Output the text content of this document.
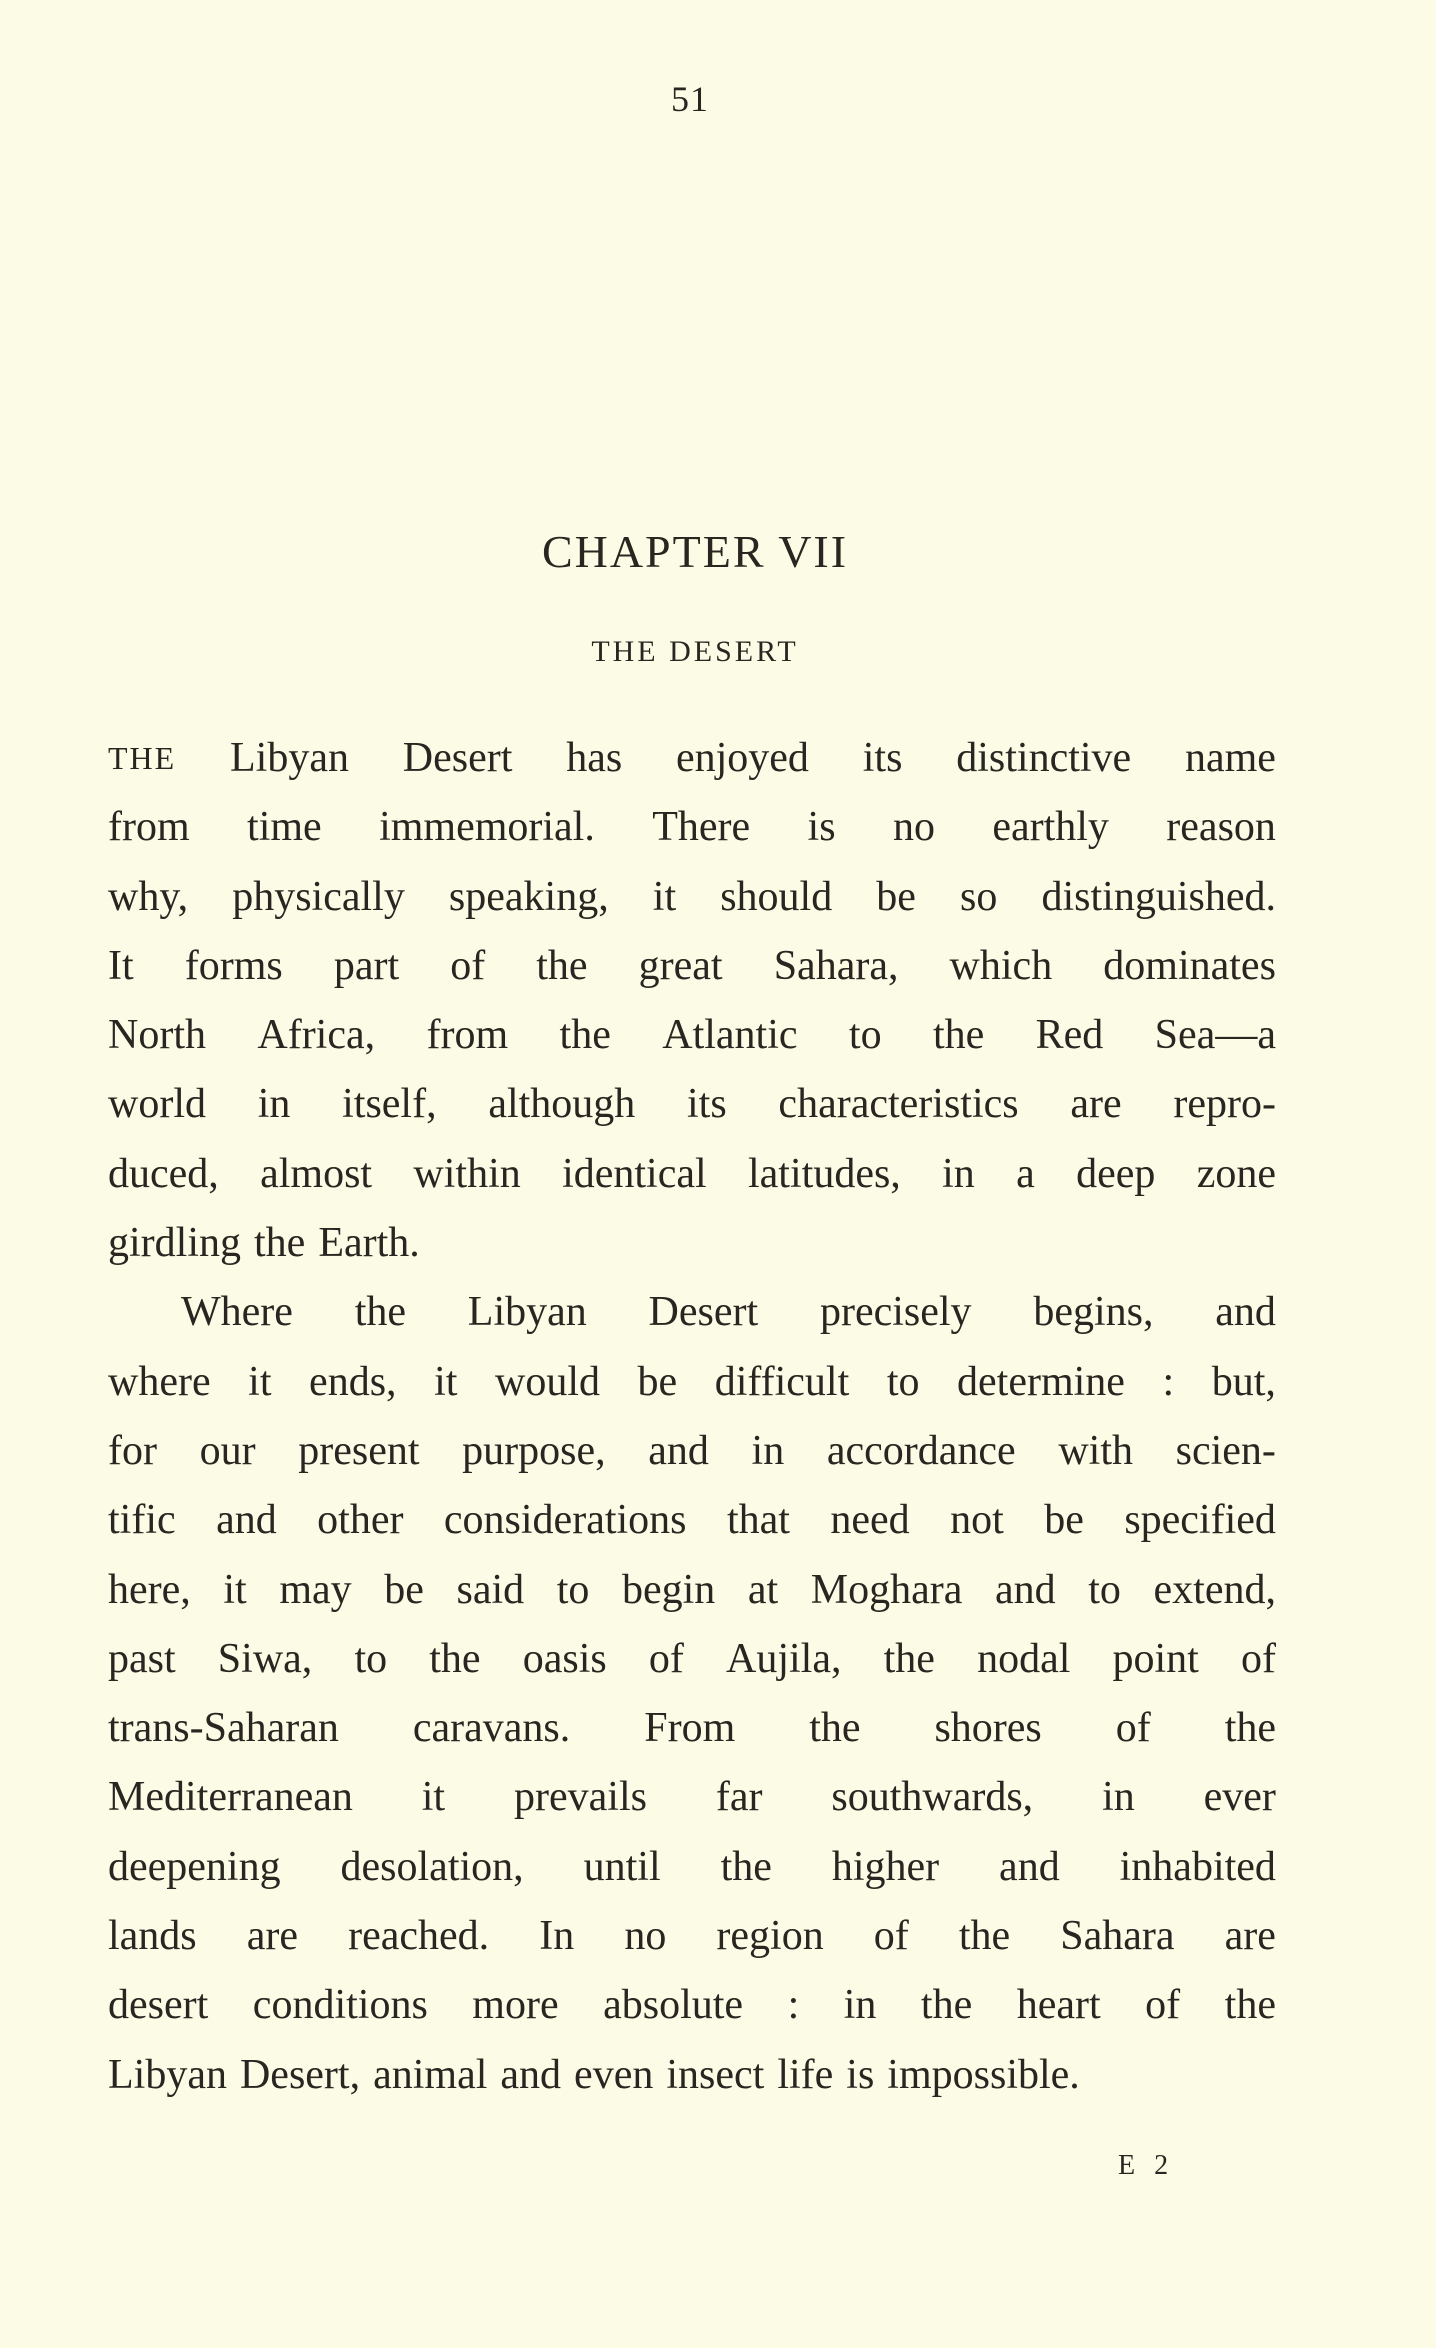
51
CHAPTER VII
THE DESERT
THE Libyan Desert has enjoyed its distinctive name
from time immemorial. There is no earthly reason
why, physically speaking, it should be so distinguished.
It forms part of the great Sahara, which dominates
North Africa, from the Atlantic to the Red Sea—a
world in itself, although its characteristics are repro-
duced, almost within identical latitudes, in a deep zone
girdling the Earth.
Where the Libyan Desert precisely begins, and
where it ends, it would be difficult to determine : but,
for our present purpose, and in accordance with scien-
tific and other considerations that need not be specified
here, it may be said to begin at Moghara and to extend,
past Siwa, to the oasis of Aujila, the nodal point of
trans-Saharan caravans. From the shores of the
Mediterranean it prevails far southwards, in ever
deepening desolation, until the higher and inhabited
lands are reached. In no region of the Sahara are
desert conditions more absolute : in the heart of the
Libyan Desert, animal and even insect life is impossible.
E 2
